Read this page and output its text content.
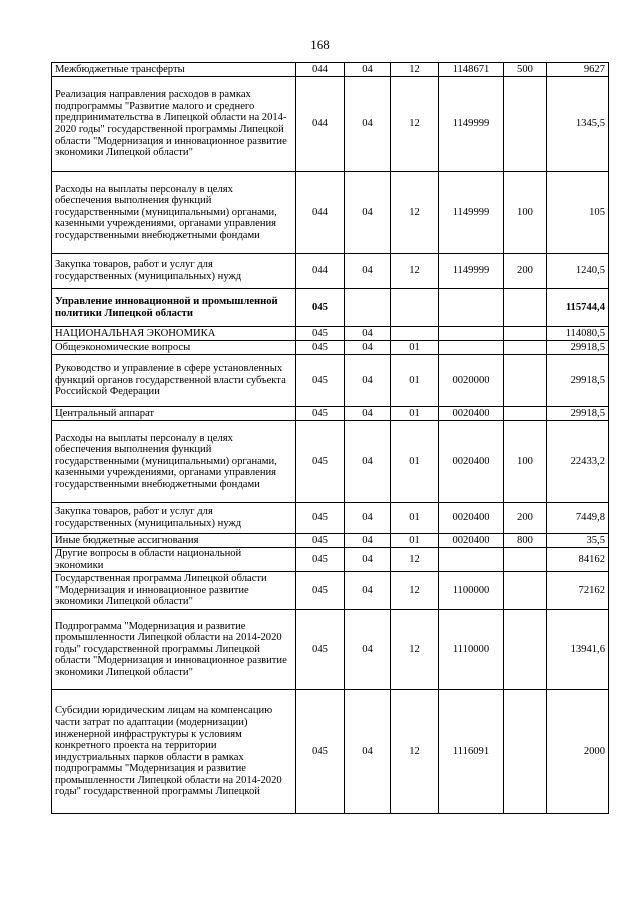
168
Межбюджетные трансферты	044	04	12	1148671	500	9627
Реализация направления расходов в рамках подпрограммы "Развитие малого и среднего предпринимательства в Липецкой области на 2014-2020 годы" государственной программы Липецкой области "Модернизация и инновационное развитие экономики Липецкой области"	044	04	12	1149999		1345,5
Расходы на выплаты персоналу в целях обеспечения выполнения функций государственными (муниципальными) органами, казенными учреждениями, органами управления государственными внебюджетными фондами	044	04	12	1149999	100	105
Закупка товаров, работ и услуг для государственных (муниципальных) нужд	044	04	12	1149999	200	1240,5
Управление инновационной и промышленной политики Липецкой области	045					115744,4
НАЦИОНАЛЬНАЯ ЭКОНОМИКА	045	04				114080,5
Общеэкономические вопросы	045	04	01			29918,5
Руководство и управление в сфере установленных функций органов государственной власти субъекта Российской Федерации	045	04	01	0020000		29918,5
Центральный аппарат	045	04	01	0020400		29918,5
Расходы на выплаты персоналу в целях обеспечения выполнения функций государственными (муниципальными) органами, казенными учреждениями, органами управления государственными внебюджетными фондами	045	04	01	0020400	100	22433,2
Закупка товаров, работ и услуг для государственных (муниципальных) нужд	045	04	01	0020400	200	7449,8
Иные бюджетные ассигнования	045	04	01	0020400	800	35,5
Другие вопросы в области национальной экономики	045	04	12			84162
Государственная программа Липецкой области "Модернизация и инновационное развитие экономики Липецкой области"	045	04	12	1100000		72162
Подпрограмма "Модернизация и развитие промышленности Липецкой области на 2014-2020 годы" государственной программы Липецкой области "Модернизация и инновационное развитие экономики Липецкой области"	045	04	12	1110000		13941,6
Субсидии юридическим лицам на компенсацию части затрат по адаптации (модернизации) инженерной инфраструктуры к условиям конкретного проекта на территории индустриальных парков области в рамках подпрограммы "Модернизация и развитие промышленности Липецкой области на 2014-2020 годы" государственной программы Липецкой	045	04	12	1116091		2000
